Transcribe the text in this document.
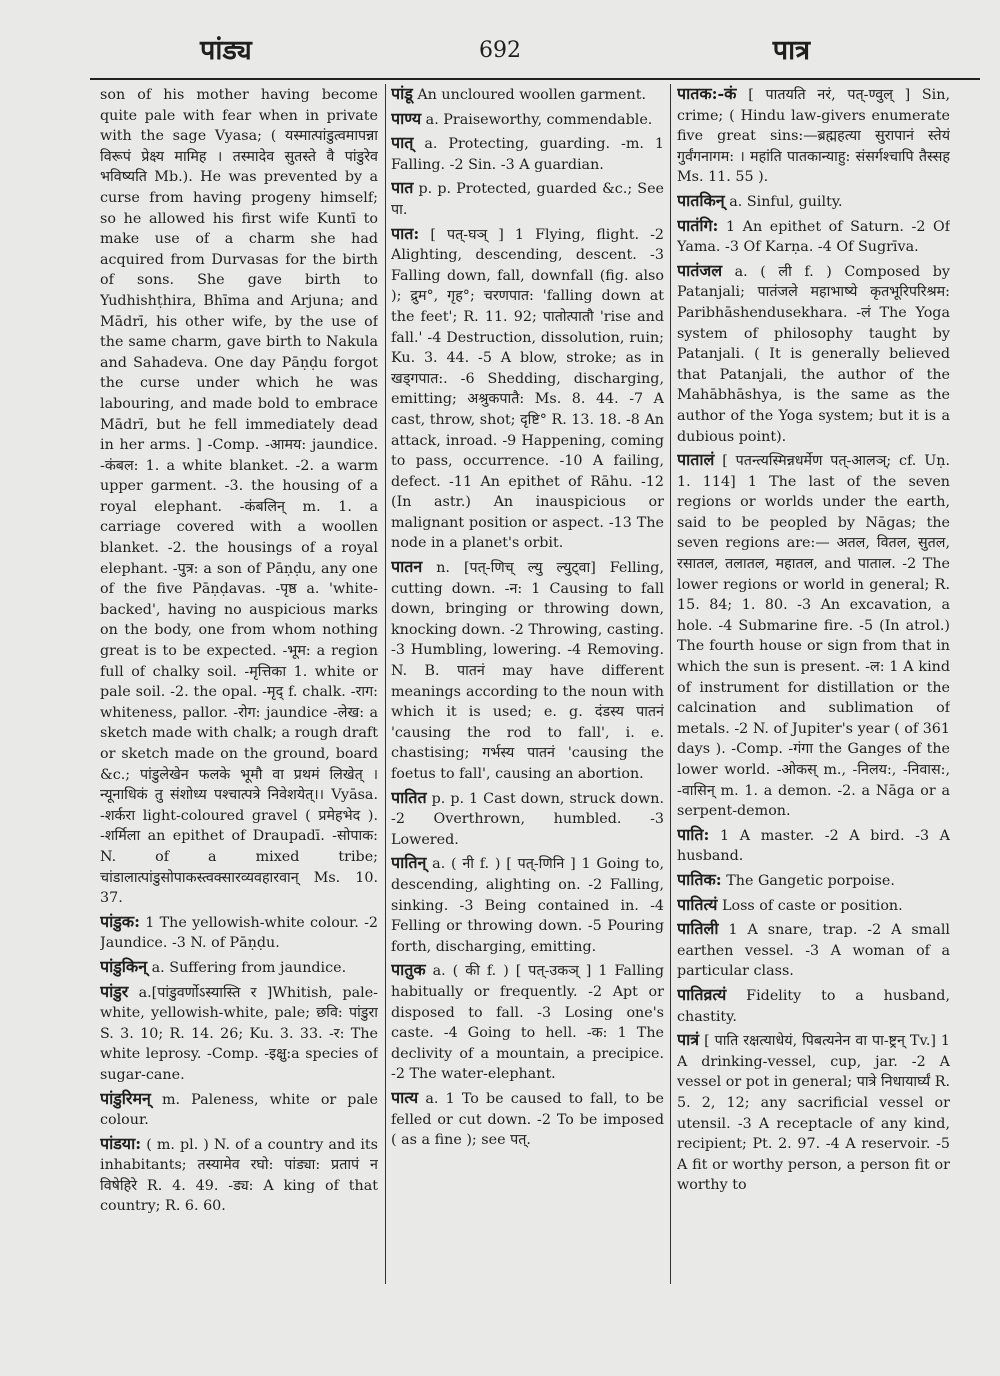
पांड्य	692	पात्र
son of his mother having become quite pale with fear when in private with the sage Vyasa; ( यस्मात्पांडुत्वमापन्ना विरूपं प्रेक्ष्य मामिह । तस्मादेव सुतस्ते वै पांडुरेव भविष्यति Mb.). He was prevented by a curse from having progeny himself; so he allowed his first wife Kuntī to make use of a charm she had acquired from Durvasas for the birth of sons. She gave birth to Yudhishṭhira, Bhīma and Arjuna; and Mādrī, his other wife, by the use of the same charm, gave birth to Nakula and Sahadeva. One day Pāṇḍu forgot the curse under which he was labouring, and made bold to embrace Mādrī, but he fell immediately dead in her arms. ] -Comp. -आमय: jaundice. -कंबल: 1. a white blanket. -2. a warm upper garment. -3. the housing of a royal elephant. -कंबलिन् m. 1. a carriage covered with a woollen blanket. -2. the housings of a royal elephant. -पुत्र: a son of Pāṇḍu, any one of the five Pāṇḍavas. -पृष्ठ a. 'white-backed', having no auspicious marks on the body, one from whom nothing great is to be expected. -भूम: a region full of chalky soil. -मृत्तिका 1. white or pale soil. -2. the opal. -मृद् f. chalk. -राग: whiteness, pallor. -रोग: jaundice -लेख: a sketch made with chalk; a rough draft or sketch made on the ground, board &c.; पांडुलेखेन फलके भूमौ वा प्रथमं लिखेत् । न्यूनाधिकं तु संशोध्य पश्चात्पत्रे निवेशयेत्।। Vyāsa. -शर्करा light-coloured gravel ( प्रमेहभेद ). -शर्मिला an epithet of Draupadī. -सोपाक: N. of a mixed tribe; चांडालात्पांडुसोपाकस्त्वक्सारव्यवहारवान् Ms. 10. 37.
पांडुक: 1 The yellowish-white colour. -2 Jaundice. -3 N. of Pāṇḍu.
पांडुकिन् a. Suffering from jaundice.
पांडुर a.[पांडुवर्णोऽस्यास्ति र ]Whitish, pale-white, yellowish-white, pale; छवि: पांडुरा S. 3. 10; R. 14. 26; Ku. 3. 33. -र: The white leprosy. -Comp. -इक्षु:a species of sugar-cane.
पांडुरिमन् m. Paleness, white or pale colour.
पांडया: ( m. pl. ) N. of a country and its inhabitants; तस्यामेव रघो: पांड्या: प्रतापं न विषेहिरे R. 4. 49. -ड्य: A king of that country; R. 6. 60.
पांडू An uncloured woollen garment.
पाण्य a. Praiseworthy, commendable.
पात् a. Protecting, guarding. -m. 1 Falling. -2 Sin. -3 A guardian.
पात p. p. Protected, guarded &c.; See पा.
पात: [ पत्-घञ् ] 1 Flying, flight. -2 Alighting, descending, descent. -3 Falling down, fall, downfall (fig. also ); द्रुम°, गृह°; चरणपात: 'falling down at the feet'; R. 11. 92; पातोत्पातौ 'rise and fall.' -4 Destruction, dissolution, ruin; Ku. 3. 44. -5 A blow, stroke; as in खड्गपात:. -6 Shedding, discharging, emitting; अश्रुकपातै: Ms. 8. 44. -7 A cast, throw, shot; दृष्टि° R. 13. 18. -8 An attack, inroad. -9 Happening, coming to pass, occurrence. -10 A failing, defect. -11 An epithet of Rāhu. -12 (In astr.) An inauspicious or malignant position or aspect. -13 The node in a planet's orbit.
पातन n. [पत्-णिच् ल्यु ल्युट्वा] Felling, cutting down. -न: 1 Causing to fall down, bringing or throwing down, knocking down. -2 Throwing, casting. -3 Humbling, lowering. -4 Removing. N. B. पातनं may have different meanings according to the noun with which it is used; e. g. दंडस्य पातनं 'causing the rod to fall', i. e. chastising; गर्भस्य पातनं 'causing the foetus to fall', causing an abortion.
पातित p. p. 1 Cast down, struck down. -2 Overthrown, humbled. -3 Lowered.
पातिन् a. ( नी f. ) [ पत्-णिनि ] 1 Going to, descending, alighting on. -2 Falling, sinking. -3 Being contained in. -4 Felling or throwing down. -5 Pouring forth, discharging, emitting.
पातुक a. ( की f. ) [ पत्-उकञ् ] 1 Falling habitually or frequently. -2 Apt or disposed to fall. -3 Losing one's caste. -4 Going to hell. -क: 1 The declivity of a mountain, a precipice. -2 The water-elephant.
पात्य a. 1 To be caused to fall, to be felled or cut down. -2 To be imposed ( as a fine ); see पत्.
पातक:-कं [ पातयति नरं, पत्-ण्वुल् ] Sin, crime; ( Hindu law-givers enumerate five great sins:—ब्रह्महत्या सुरापानं स्तेयं गुर्वंगनागम: । महांति पातकान्याहु: संसर्गश्चापि तैस्सह Ms. 11. 55 ).
पातकिन् a. Sinful, guilty.
पातंगि: 1 An epithet of Saturn. -2 Of Yama. -3 Of Karṇa. -4 Of Sugrīva.
पातंजल a. ( ली f. ) Composed by Patanjali; पातंजले महाभाष्ये कृतभूरिपरिश्रम: Paribhāshendusekhara. -लं The Yoga system of philosophy taught by Patanjali. ( It is generally believed that Patanjali, the author of the Mahābhāshya, is the same as the author of the Yoga system; but it is a dubious point).
पातालं [ पतन्त्यस्मिन्नधर्मेण पत्-आलञ्; cf. Uṇ. 1. 114] 1 The last of the seven regions or worlds under the earth, said to be peopled by Nāgas; the seven regions are:— अतल, वितल, सुतल, रसातल, तलातल, महातल, and पाताल. -2 The lower regions or world in general; R. 15. 84; 1. 80. -3 An excavation, a hole. -4 Submarine fire. -5 (In atrol.) The fourth house or sign from that in which the sun is present. -ल: 1 A kind of instrument for distillation or the calcination and sublimation of metals. -2 N. of Jupiter's year ( of 361 days ). -Comp. -गंगा the Ganges of the lower world. -ओकस् m., -निलय:, -निवास:, -वासिन् m. 1. a demon. -2. a Nāga or a serpent-demon.
पाति: 1 A master. -2 A bird. -3 A husband.
पातिक: The Gangetic porpoise.
पातित्यं Loss of caste or position.
पातिली 1 A snare, trap. -2 A small earthen vessel. -3 A woman of a particular class.
पातिव्रत्यं Fidelity to a husband, chastity.
पात्रं [ पाति रक्षत्याधेयं, पिबत्यनेन वा पा-ष्ट्रन् Tv.] 1 A drinking-vessel, cup, jar. -2 A vessel or pot in general; पात्रे निधायार्घ्यं R. 5. 2, 12; any sacrificial vessel or utensil. -3 A receptacle of any kind, recipient; Pt. 2. 97. -4 A reservoir. -5 A fit or worthy person, a person fit or worthy to
